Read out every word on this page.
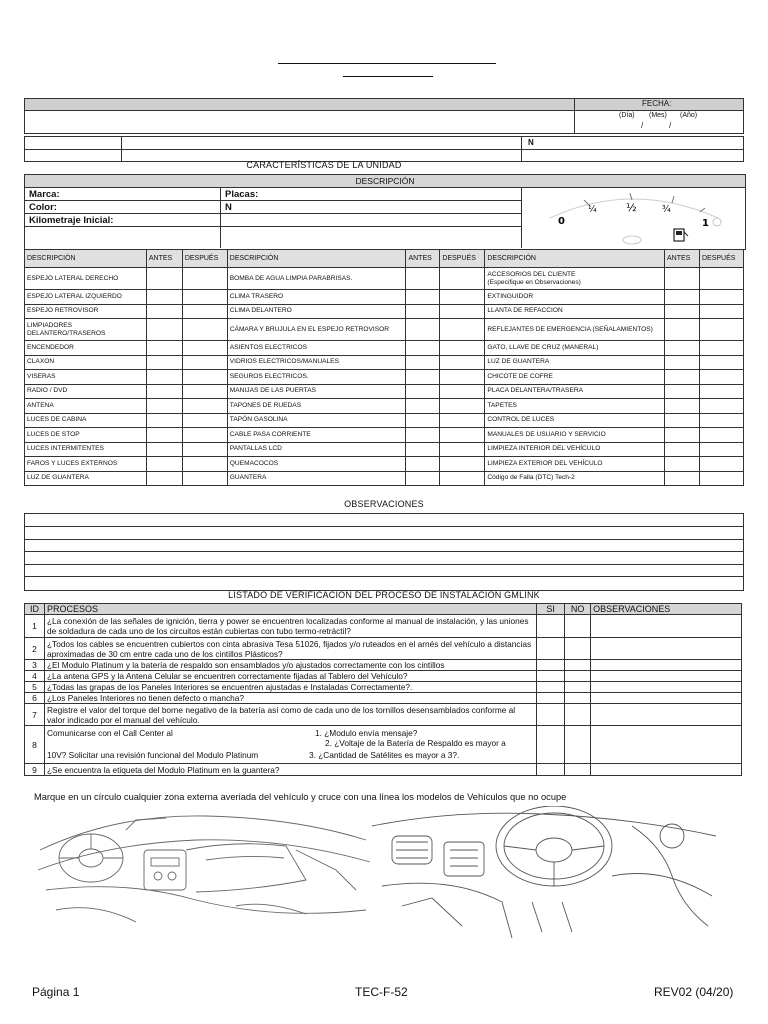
FECHA:
(Día) (Mes) (Año)
/	/
N
CARACTERÍSTICAS DE LA UNIDAD
DESCRIPCIÓN
Marca:	Placas:
Color:	N
Kilometraje Inicial:	0
¼	½	¾
1
DESCRIPCIÓN	ANTES	DESPUÉS	DESCRIPCIÓN	ANTES	DESPUÉS	DESCRIPCIÓN	ANTES	DESPUÉS
ESPEJO LATERAL DERECHO			BOMBA DE AGUA LIMPIA PARABRISAS.			ACCESORIOS DEL CLIENTE
(Especifique en Observaciones)		
ESPEJO LATERAL IZQUIERDO			CLIMA TRASERO			EXTINGUIDOR		
ESPEJO RETROVISOR			CLIMA DELANTERO			LLANTA DE REFACCION		
LIMPIADORES
DELANTERO/TRASEROS			CÁMARA Y BRUJULA EN EL ESPEJO RETROVISOR			REFLEJANTES DE EMERGENCIA (SEÑALAMIENTOS)		
ENCENDEDOR			ASIENTOS ELECTRICOS			GATO, LLAVE DE CRUZ (MANERAL)		
CLAXON			VIDRIOS ELECTRICOS/MANUALES			LUZ DE GUANTERA		
VISERAS			SEGUROS ELECTRICOS.			CHICOTE DE COFRE		
RADIO / DVD			MANIJAS DE LAS PUERTAS			PLACA DELANTERA/TRASERA		
ANTENA			TAPONES DE RUEDAS			TAPETES		
LUCES DE CABINA			TAPÓN GASOLINA			CONTROL DE LUCES		
LUCES DE STOP			CABLE PASA CORRIENTE			MANUALES DE USUARIO Y SERVICIO		
LUCES INTERMITENTES			PANTALLAS LCD			LIMPIEZA INTERIOR DEL VEHÍCULO		
FAROS Y LUCES EXTERNOS			QUEMACOCOS			LIMPIEZA EXTERIOR DEL VEHÍCULO		
LUZ DE GUANTERA			GUANTERA			Código de Falla (DTC) Tech-2		
OBSERVACIONES
LISTADO DE VERIFICACION DEL PROCESO DE INSTALACION GMLINK
ID	PROCESOS	SI	NO	OBSERVACIONES
1	¿La conexión de las señales de ignición, tierra y power se encuentren localizadas conforme al manual de instalación, y las uniones de soldadura de cada uno de los circuitos están cubiertas con tubo termo-retráctil?			
2	¿Todos los cables se encuentren cubiertos con cinta abrasiva Tesa 51026, fijados y/o ruteados en el arnés del vehículo a distancias aproximadas de 30 cm entre cada uno de los cintillos Plásticos?			
3	¿El Modulo Platinum y la batería de respaldo son ensamblados y/o ajustados correctamente con los cintillos			
4	¿La antena GPS y la Antena Celular se encuentren correctamente fijadas al Tablero del Vehículo?			
5	¿Todas las grapas de los Paneles Interiores se encuentren ajustadas e Instaladas Correctamente?.			
6	¿Los Paneles Interiores no tienen defecto o mancha?			
7	Registre el valor del torque del borne negativo de la batería así como de cada uno de los tornillos desensamblados conforme al valor indicado por el manual del vehículo.			
8	Comunicarse con el Call Center al 1. ¿Modulo envía mensaje?
2. ¿Voltaje de la Batería de Respaldo es mayor a
10V? Solicitar una revisión funcional del Modulo Platinum 3. ¿Cantidad de Satélites es mayor a 3?.			

9	¿Se encuentra la etiqueta del Modulo Platinum en la guantera?			
Marque en un círculo cualquier zona externa averiada del vehículo y cruce con una línea los modelos de Vehículos que no ocupe
Página 1	TEC-F-52	REV02 (04/20)
